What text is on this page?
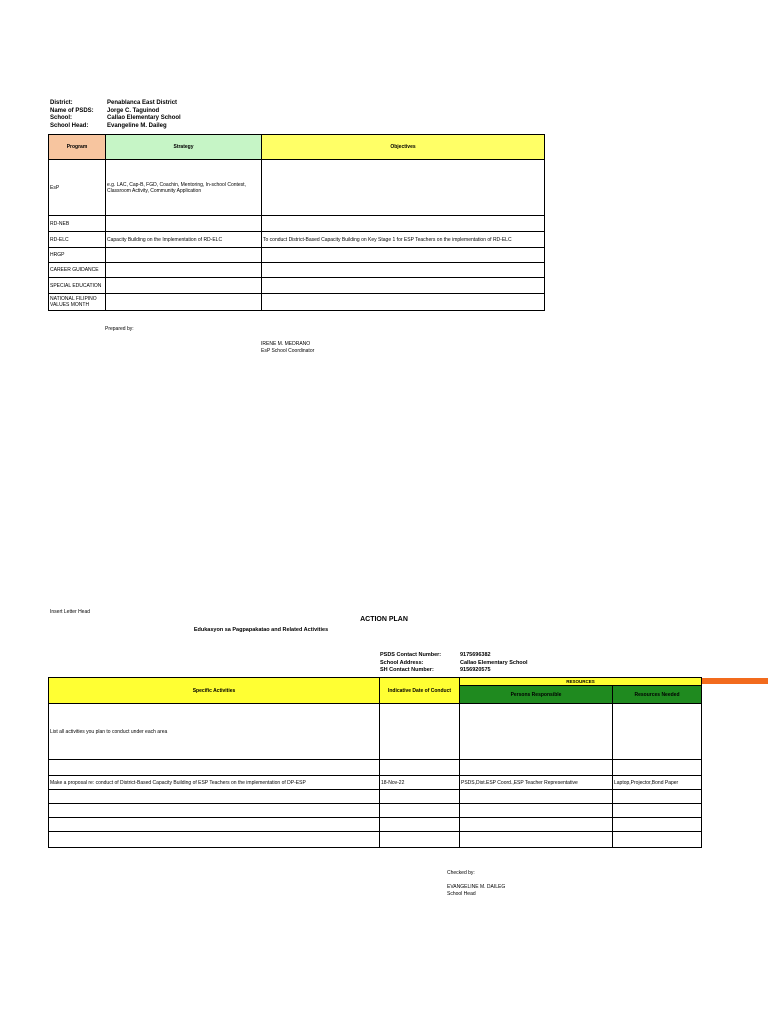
District:	Penablanca East District
Name of PSDS:	Jorge C. Taguinod
School:	Callao Elementary School
School Head:	Evangeline M. Daileg
Program	Strategy	Objectives
EsP	e.g. LAC, Cap-B, FGD, Coachin, Mentoring, In-school Contest, Classroom Activity, Community Application	
RD-NEB		
RD-ELC	Capacity Building on the Implementation of RD-ELC	To conduct District-Based Capacity Building on Key Stage 1 for ESP Teachers on the implementation of RD-ELC
HRGP		
CAREER GUIDANCE		
SPECIAL EDUCATION		
NATIONAL FILIPINO VALUES MONTH		
Prepared by:
IRENE M. MEDRANO
EsP School Coordinator
Insert Letter Head
ACTION PLAN
Edukasyon sa Pagpapakatao and Related Activities
PSDS Contact Number:	9175696382
School Address:	Callao Elementary School
SH Contact Number:	9156920575
Specific Activities	Indicative Date of Conduct	RESOURCES	
		Persons Responsible	Resources Needed
List all activities you plan to conduct under each area			

Make a proposal re: conduct of District-Based Capacity Building of ESP Teachers on the implementation of DP-ESP	18-Nov-22	PSDS,Dist.ESP Coord.,ESP Teacher Representative	Laptop,Projector,Bond Paper

Checked by:
EVANGELINE M. DAILEG
School Head
